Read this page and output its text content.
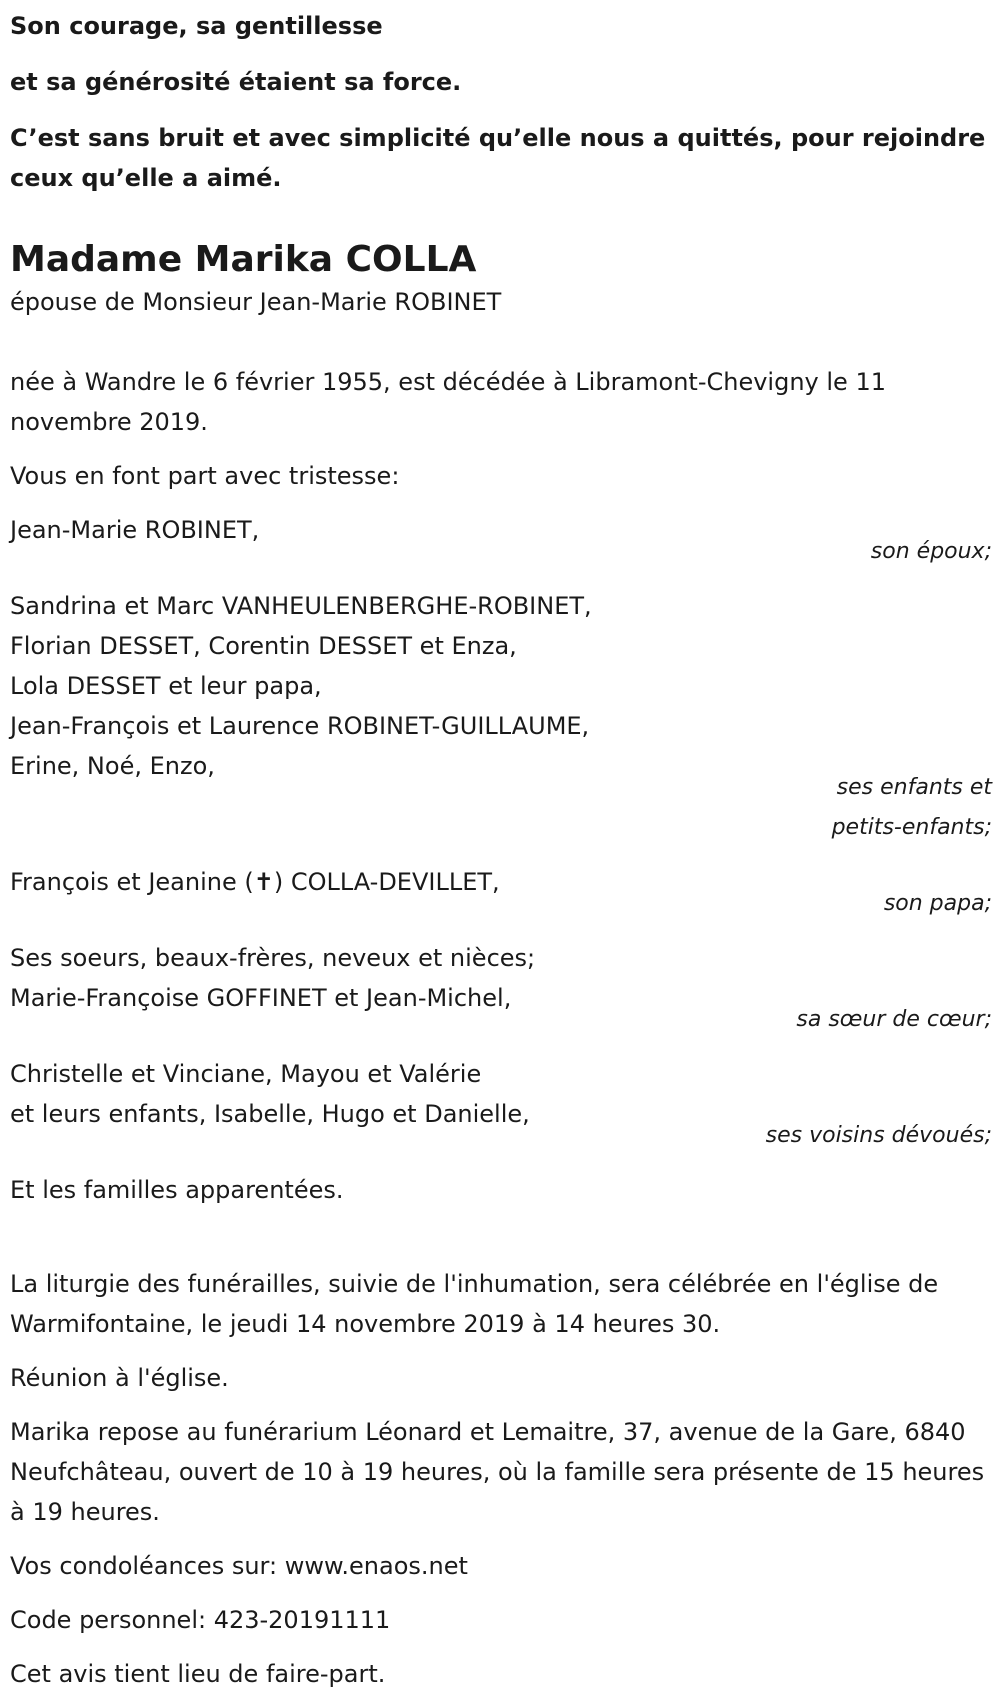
Son courage, sa gentillesse

et sa générosité étaient sa force.

C’est sans bruit et avec simplicité qu’elle nous a quittés, pour rejoindre ceux qu’elle a aimé.

Madame Marika COLLA

épouse de Monsieur Jean-Marie ROBINET

née à Wandre le 6 février 1955, est décédée à Libramont-Chevigny le 11 novembre 2019.

Vous en font part avec tristesse:

Jean-Marie ROBINET,
son époux;
Sandrina et Marc VANHEULENBERGHE-ROBINET,
Florian DESSET, Corentin DESSET et Enza,
Lola DESSET et leur papa,
Jean-François et Laurence ROBINET-GUILLAUME,
Erine, Noé, Enzo,
ses enfants et
petits-enfants;
François et Jeanine (✝) COLLA-DEVILLET,
son papa;
Ses soeurs, beaux-frères, neveux et nièces;
Marie-Françoise GOFFINET et Jean-Michel,
sa sœur de cœur;
Christelle et Vinciane, Mayou et Valérie
et leurs enfants, Isabelle, Hugo et Danielle,
ses voisins dévoués;

Et les familles apparentées.

La liturgie des funérailles, suivie de l'inhumation, sera célébrée en l'église de Warmifontaine, le jeudi 14 novembre 2019 à 14 heures 30.

Réunion à l'église.

Marika repose au funérarium Léonard et Lemaitre, 37, avenue de la Gare, 6840 Neufchâteau, ouvert de 10 à 19 heures, où la famille sera présente de 15 heures à 19 heures.

Vos condoléances sur: www.enaos.net

Code personnel: 423-20191111

Cet avis tient lieu de faire-part.
